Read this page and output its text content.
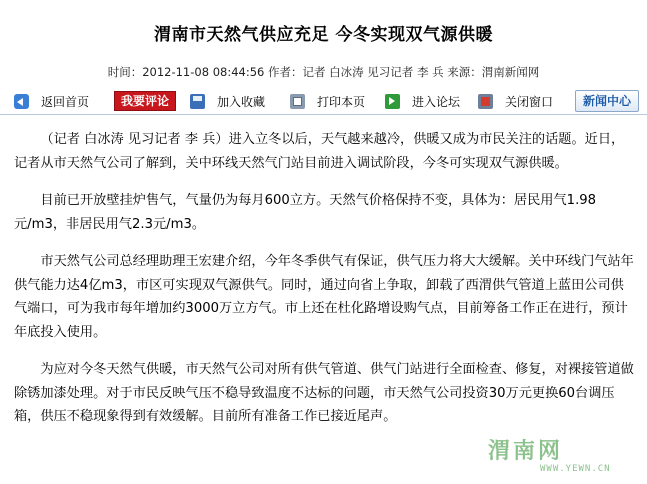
渭南市天然气供应充足 今冬实现双气源供暖
时间：2012-11-08 08:44:56 作者：记者 白冰涛 见习记者 李 兵 来源：渭南新闻网
返回首页	我要评论	加入收藏	打印本页	进入论坛	关闭窗口	新闻中心

（记者 白冰涛 见习记者 李 兵）进入立冬以后，天气越来越冷，供暖又成为市民关注的话题。近日，记者从市天然气公司了解到，关中环线天然气门站目前进入调试阶段，今冬可实现双气源供暖。

目前已开放壁挂炉售气，气量仍为每月600立方。天然气价格保持不变，具体为：居民用气1.98元/m3，非居民用气2.3元/m3。

市天然气公司总经理助理王宏建介绍，今年冬季供气有保证，供气压力将大大缓解。关中环线门气站年供气能力达4亿m3，市区可实现双气源供气。同时，通过向省上争取，卸载了西渭供气管道上蓝田公司供气端口，可为我市每年增加约3000万立方气。市上还在杜化路增设购气点，目前筹备工作正在进行，预计年底投入使用。

为应对今冬天然气供暖，市天然气公司对所有供气管道、供气门站进行全面检查、修复，对裸接管道做除锈加漆处理。对于市民反映气压不稳导致温度不达标的问题，市天然气公司投资30万元更换60台调压箱，供压不稳现象得到有效缓解。目前所有准备工作已接近尾声。

渭南网
WWW.YEWN.CN
